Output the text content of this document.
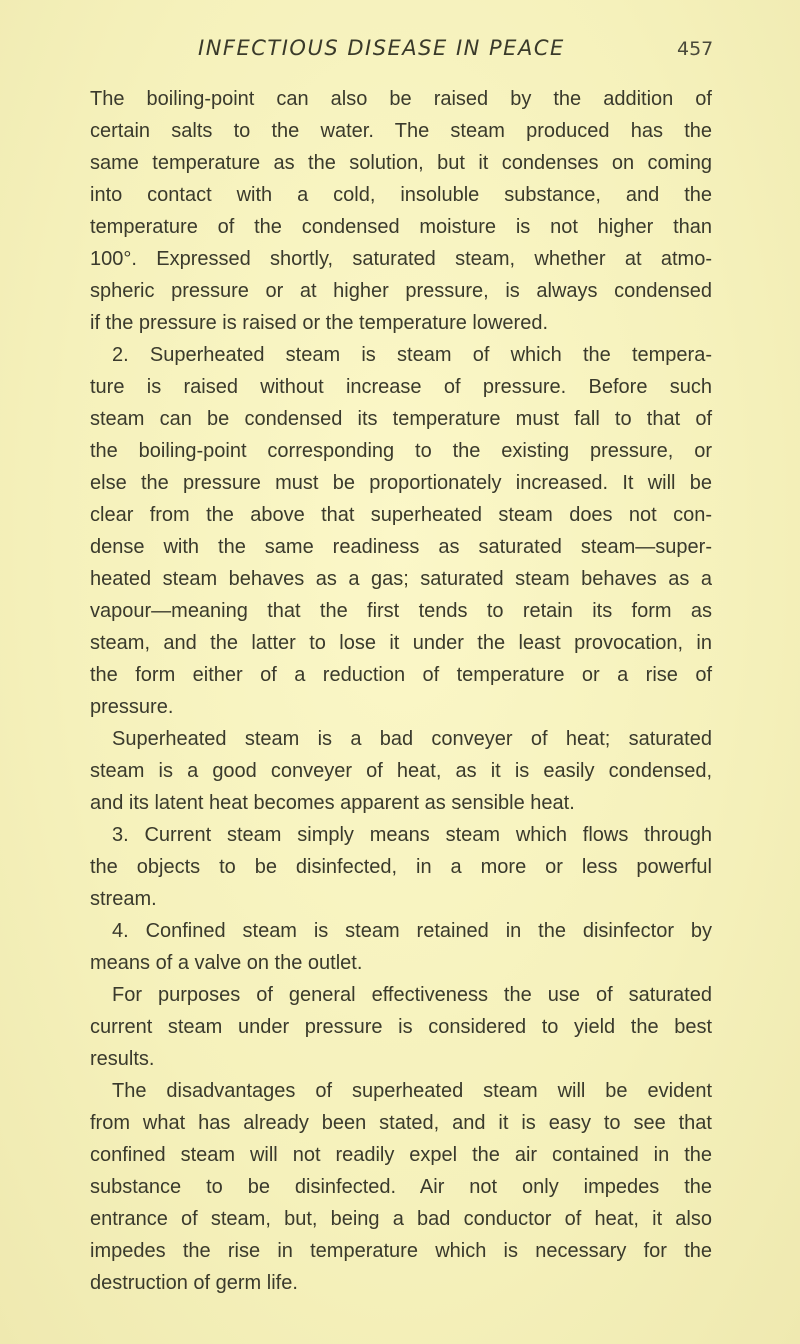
INFECTIOUS DISEASE IN PEACE	457
The boiling-point can also be raised by the addition of
certain salts to the water. The steam produced has the
same temperature as the solution, but it condenses on coming
into contact with a cold, insoluble substance, and the
temperature of the condensed moisture is not higher than
100°. Expressed shortly, saturated steam, whether at atmo-
spheric pressure or at higher pressure, is always condensed
if the pressure is raised or the temperature lowered.
2. Superheated steam is steam of which the tempera-
ture is raised without increase of pressure. Before such
steam can be condensed its temperature must fall to that of
the boiling-point corresponding to the existing pressure, or
else the pressure must be proportionately increased. It will be
clear from the above that superheated steam does not con-
dense with the same readiness as saturated steam—super-
heated steam behaves as a gas; saturated steam behaves as a
vapour—meaning that the first tends to retain its form as
steam, and the latter to lose it under the least provocation, in
the form either of a reduction of temperature or a rise of
pressure.
Superheated steam is a bad conveyer of heat; saturated
steam is a good conveyer of heat, as it is easily condensed,
and its latent heat becomes apparent as sensible heat.
3. Current steam simply means steam which flows through
the objects to be disinfected, in a more or less powerful
stream.
4. Confined steam is steam retained in the disinfector by
means of a valve on the outlet.
For purposes of general effectiveness the use of saturated
current steam under pressure is considered to yield the best
results.
The disadvantages of superheated steam will be evident
from what has already been stated, and it is easy to see that
confined steam will not readily expel the air contained in the
substance to be disinfected. Air not only impedes the
entrance of steam, but, being a bad conductor of heat, it also
impedes the rise in temperature which is necessary for the
destruction of germ life.
